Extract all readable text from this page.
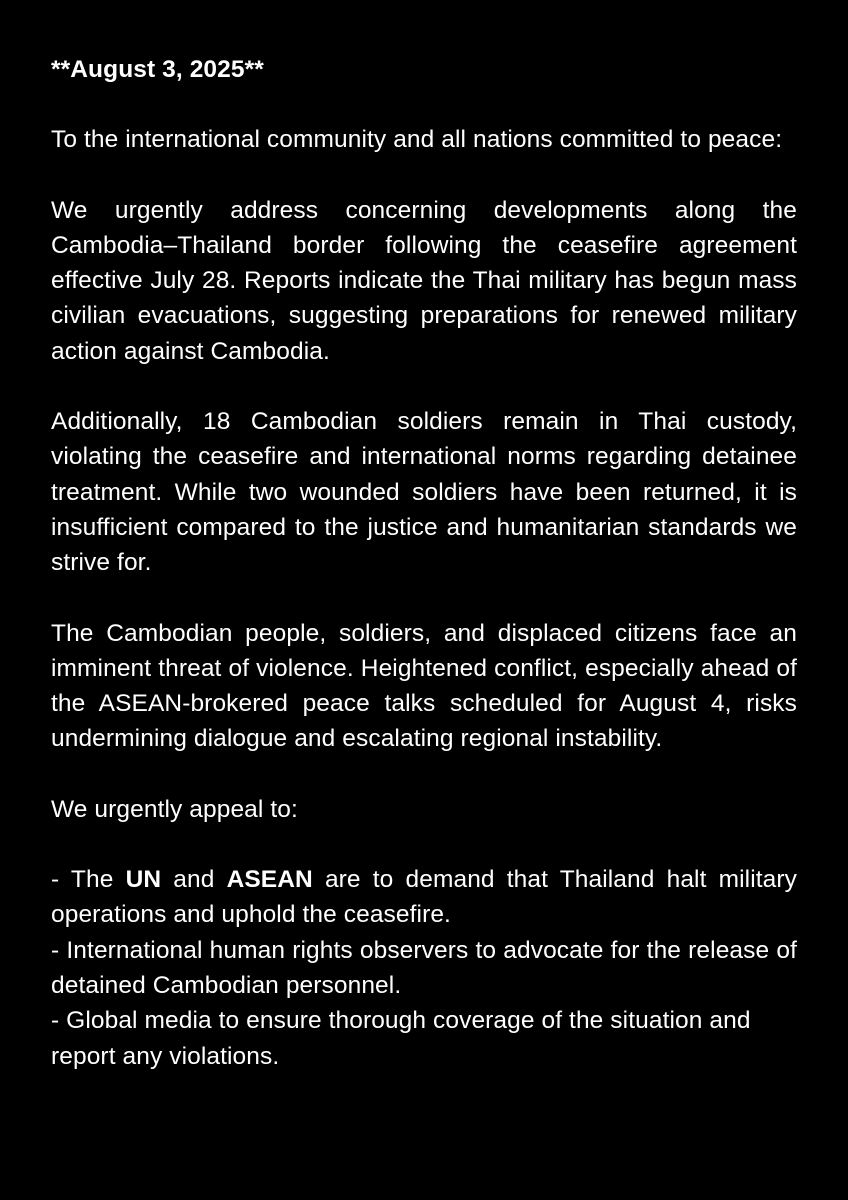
**August 3, 2025**

To the international community and all nations committed to peace:

We urgently address concerning developments along the Cambodia–Thailand border following the ceasefire agreement effective July 28. Reports indicate the Thai military has begun mass civilian evacuations, suggesting preparations for renewed military action against Cambodia.

Additionally, 18 Cambodian soldiers remain in Thai custody, violating the ceasefire and international norms regarding detainee treatment. While two wounded soldiers have been returned, it is insufficient compared to the justice and humanitarian standards we strive for.

The Cambodian people, soldiers, and displaced citizens face an imminent threat of violence. Heightened conflict, especially ahead of the ASEAN-brokered peace talks scheduled for August 4, risks undermining dialogue and escalating regional instability.

We urgently appeal to:

- The UN and ASEAN are to demand that Thailand halt military operations and uphold the ceasefire.
- International human rights observers to advocate for the release of detained Cambodian personnel.
- Global media to ensure thorough coverage of the situation and report any violations.
